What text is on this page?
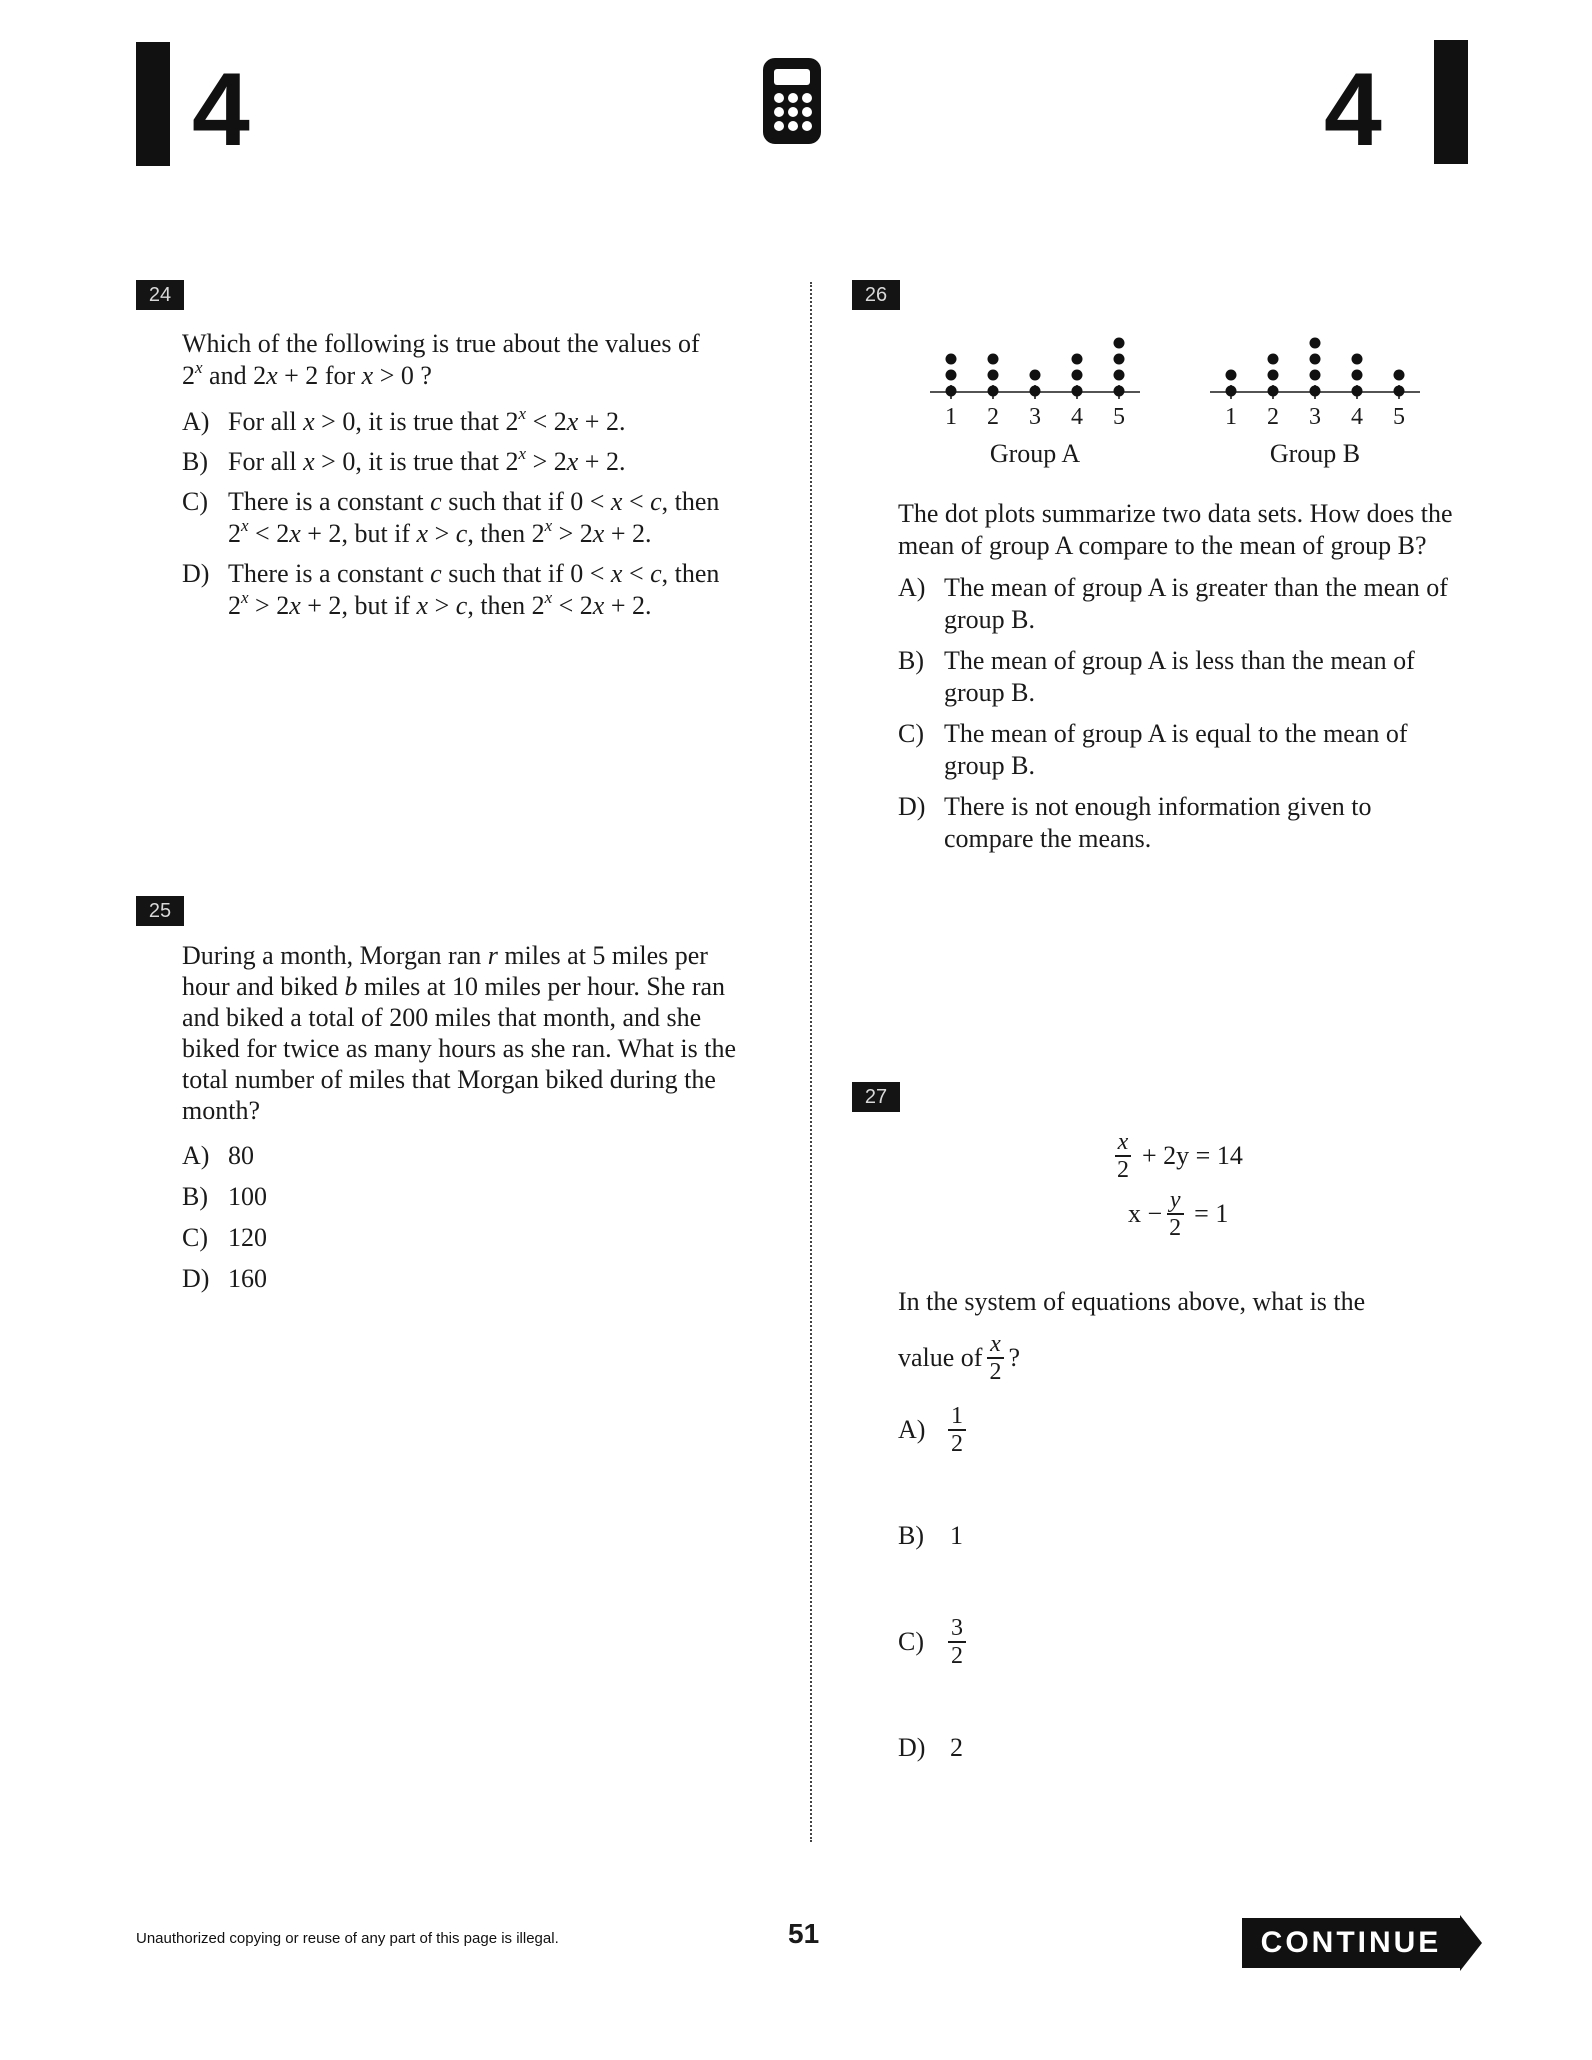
4	4
24
Which of the following is true about the values of
2$^x$ and 2x + 2 for x > 0 ?
A) For all x > 0, it is true that $2^x < 2x + 2$.
B) For all x > 0, it is true that $2^x > 2x + 2$.
C) There is a constant c such that if 0 < x < c, then
$2^x < 2x + 2$, but if x > c, then $2^x > 2x + 2$.
D) There is a constant c such that if 0 < x < c, then
$2^x > 2x + 2$, but if x > c, then $2^x < 2x + 2$.
25
During a month, Morgan ran r miles at 5 miles per
hour and biked b miles at 10 miles per hour. She ran
and biked a total of 200 miles that month, and she
biked for twice as many hours as she ran. What is the
total number of miles that Morgan biked during the
month?
A) 80
B) 100
C) 120
D) 160
26
1 2 3 4 5
Group A
1 2 3 4 5
Group B
The dot plots summarize two data sets. How does the
mean of group A compare to the mean of group B?
A) The mean of group A is greater than the mean of
group B.
B) The mean of group A is less than the mean of
group B.
C) The mean of group A is equal to the mean of
group B.
D) There is not enough information given to
compare the means.
27
$\frac{x}{2} + 2y = 14$
$x - \frac{y}{2} = 1$
In the system of equations above, what is the
value of $\frac{x}{2}$ ?
$A) \frac{1}{2}$
B)	1
C)	$\frac{3}{2}$
D) 2
Unauthorized copying or reuse of any part of this page is illegal.	51	CONTINUE
